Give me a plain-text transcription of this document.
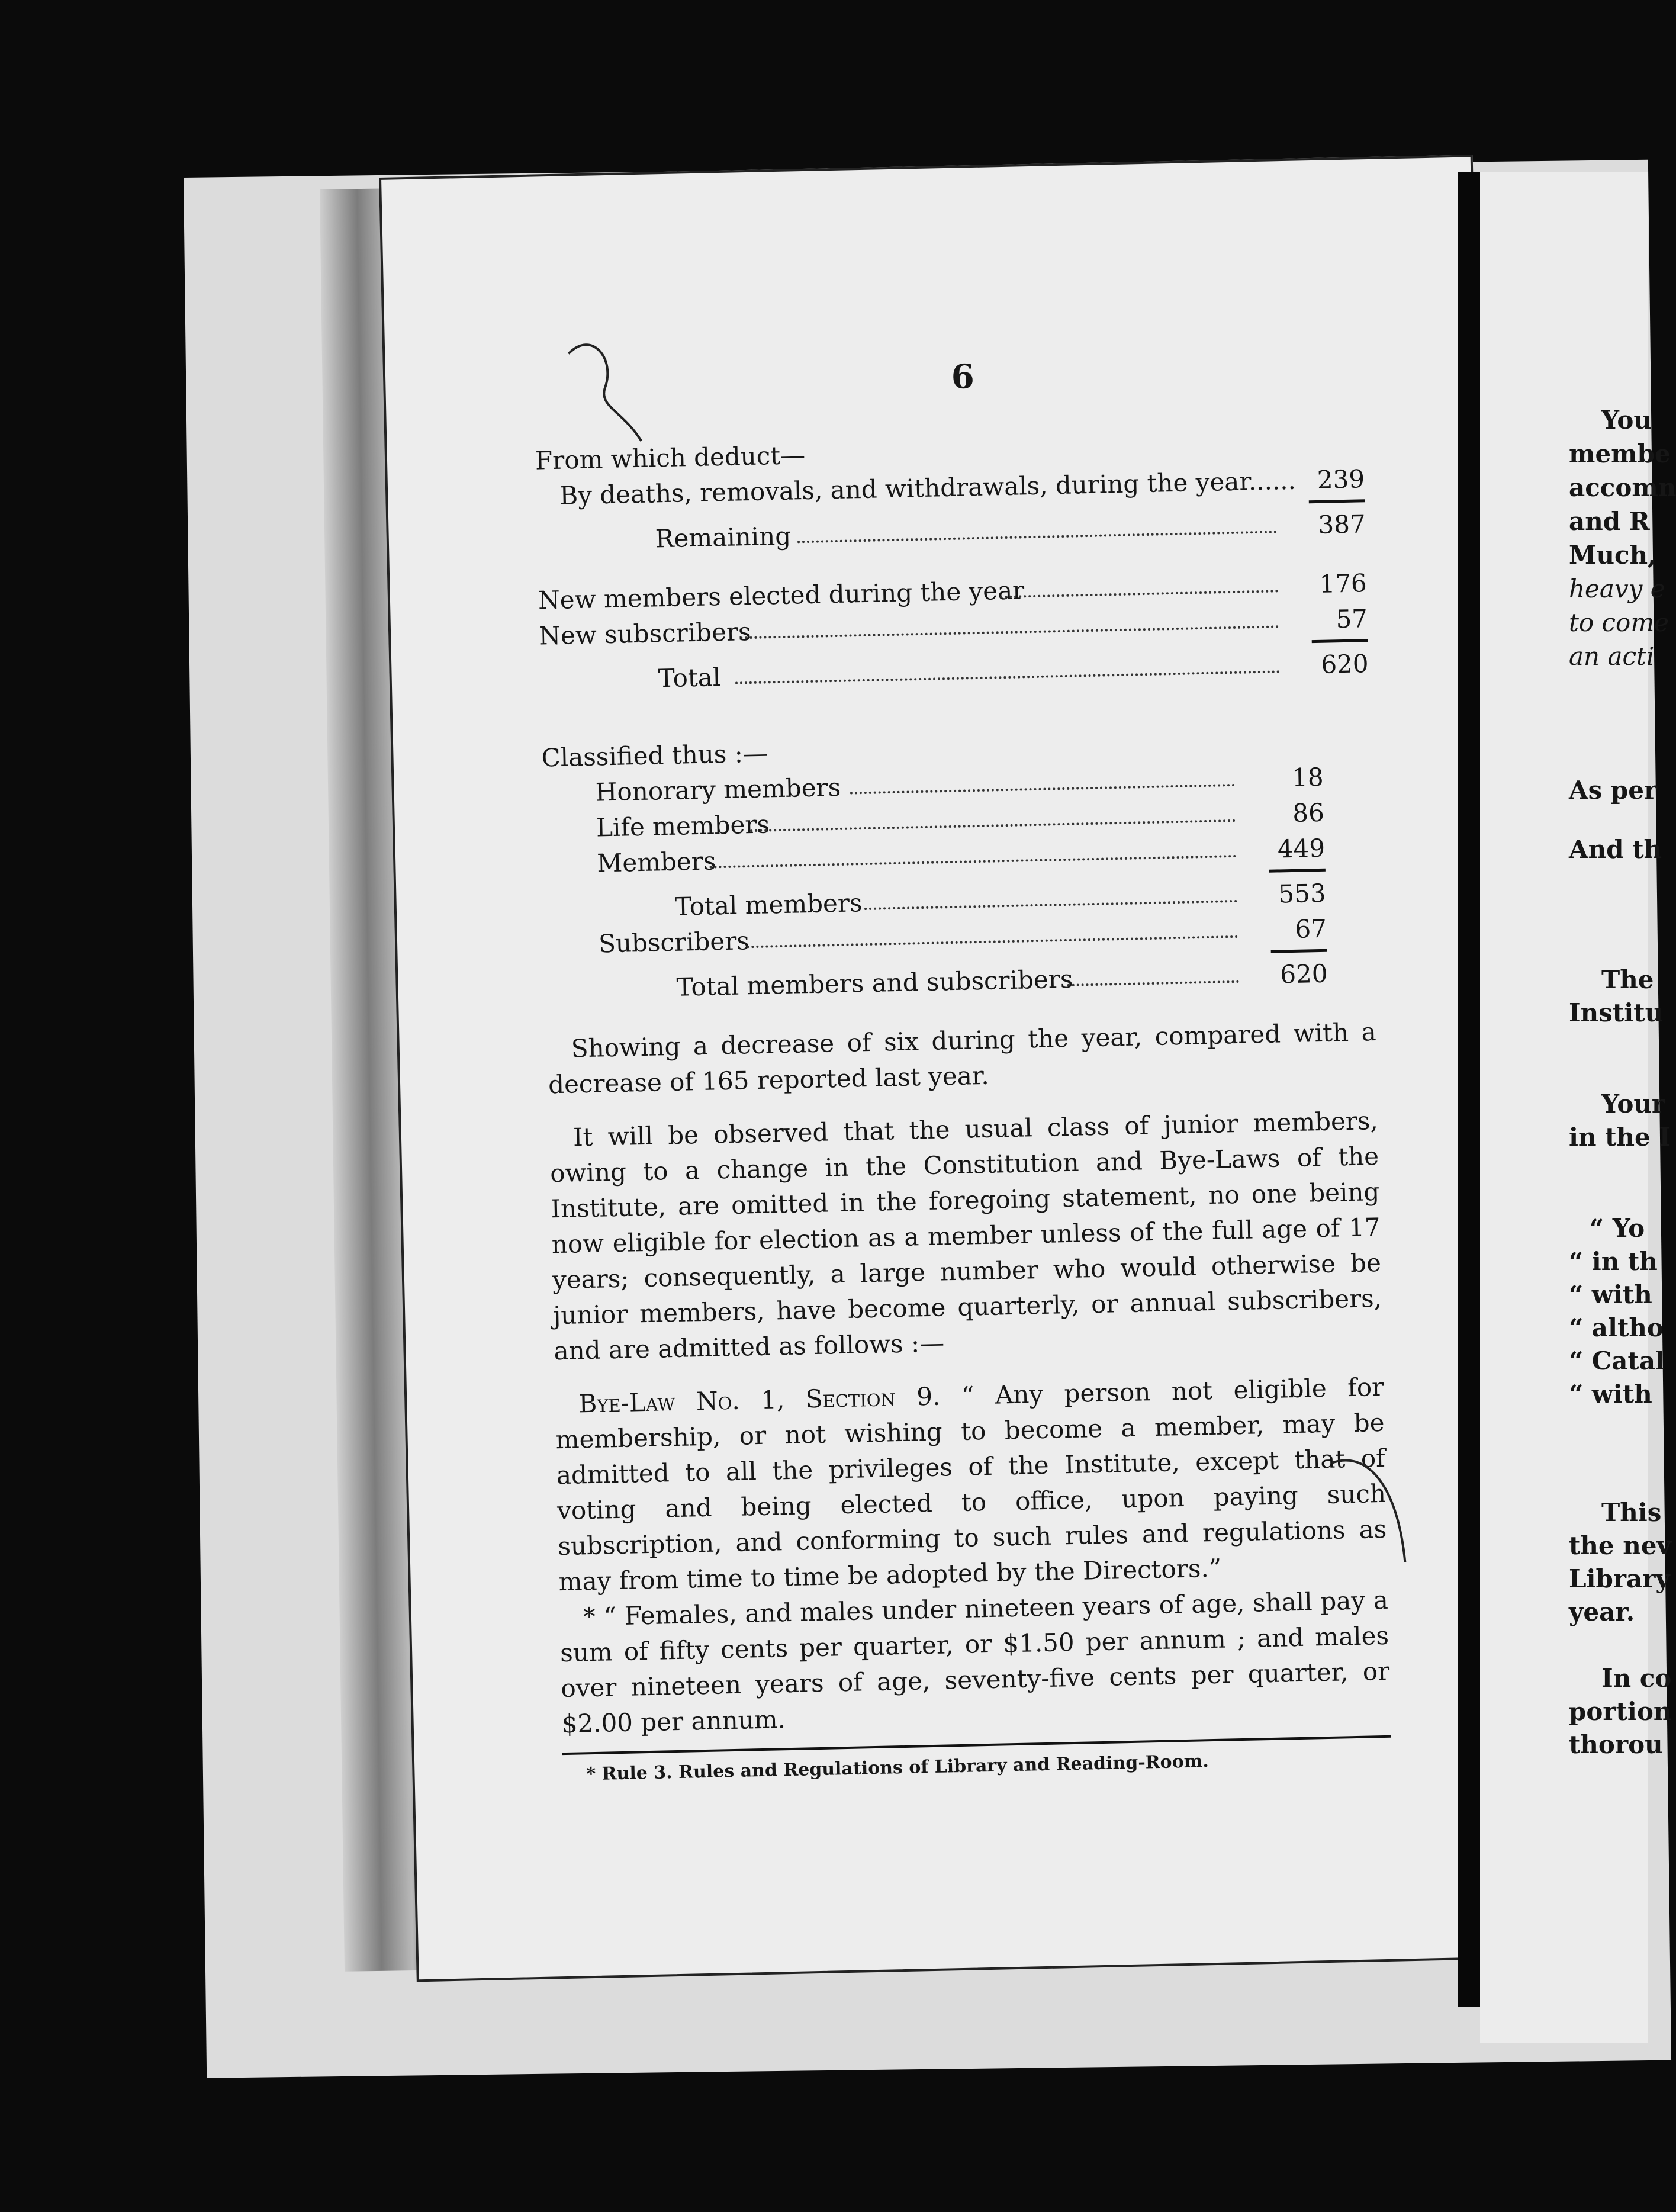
6
From which deduct—
By deaths, removals, and withdrawals, during the year...... 239
Remaining	387
New members elected during the year	176
New subscribers	57
Total	620
Classified thus :—
Honorary members	18
Life members	86
Members	449
Total members	553
Subscribers	67
Total members and subscribers	620

Showing a decrease of six during the year, compared with a decrease of 165 reported last year.

It will be observed that the usual class of junior members, owing to a change in the Constitution and Bye-Laws of the Institute, are omitted in the foregoing statement, no one being now eligible for election as a member unless of the full age of 17 years; consequently, a large number who would otherwise be junior members, have become quarterly, or annual subscribers, and are admitted as follows :—

Bye-Law No. 1, Section 9. “ Any person not eligible for membership, or not wishing to become a member, may be admitted to all the privileges of the Institute, except that of voting and being elected to office, upon paying such subscription, and conforming to such rules and regulations as may from time to time be adopted by the Directors.”

* “ Females, and males under nineteen years of age, shall pay a sum of fifty cents per quarter, or $1.50 per annum ; and males over nineteen years of age, seventy-five cents per quarter, or $2.00 per annum.

* Rule 3. Rules and Regulations of Library and Reading-Room.
You
membe
accomn
and R
Much,
heavy e
to come
an acti
As per
And th
The
Institu
Your
in the I
“ Yo
“ in th
“ with
“ altho
“ Catal
“ with
This
the nev
Library
year.
In co
portion
thorou
